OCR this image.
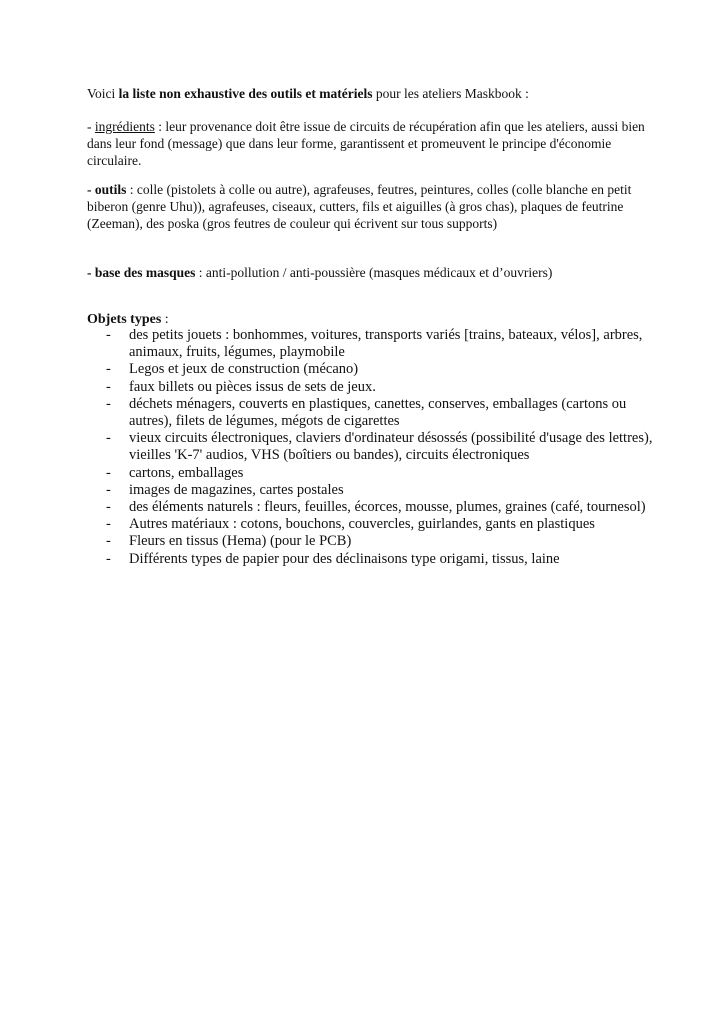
Voici la liste non exhaustive des outils et matériels pour les ateliers Maskbook :

- ingrédients : leur provenance doit être issue de circuits de récupération afin que les ateliers, aussi bien dans leur fond (message) que dans leur forme, garantissent et promeuvent le principe d'économie circulaire.

- outils : colle (pistolets à colle ou autre), agrafeuses, feutres, peintures, colles (colle blanche en petit biberon (genre Uhu)), agrafeuses, ciseaux, cutters, fils et aiguilles (à gros chas), plaques de feutrine (Zeeman), des poska (gros feutres de couleur qui écrivent sur tous supports)

- base des masques : anti-pollution / anti-poussière (masques médicaux et d’ouvriers)

Objets types :

- des petits jouets : bonhommes, voitures, transports variés [trains, bateaux, vélos], arbres, animaux, fruits, légumes, playmobile
- Legos et jeux de construction (mécano)
- faux billets ou pièces issus de sets de jeux.
- déchets ménagers, couverts en plastiques, canettes, conserves, emballages (cartons ou autres), filets de légumes, mégots de cigarettes
- vieux circuits électroniques, claviers d'ordinateur désossés (possibilité d'usage des lettres), vieilles 'K-7' audios, VHS (boîtiers ou bandes), circuits électroniques
- cartons, emballages
- images de magazines, cartes postales
- des éléments naturels : fleurs, feuilles, écorces, mousse, plumes, graines (café, tournesol)
- Autres matériaux : cotons, bouchons, couvercles, guirlandes, gants en plastiques
- Fleurs en tissus (Hema) (pour le PCB)
- Différents types de papier pour des déclinaisons type origami, tissus, laine
